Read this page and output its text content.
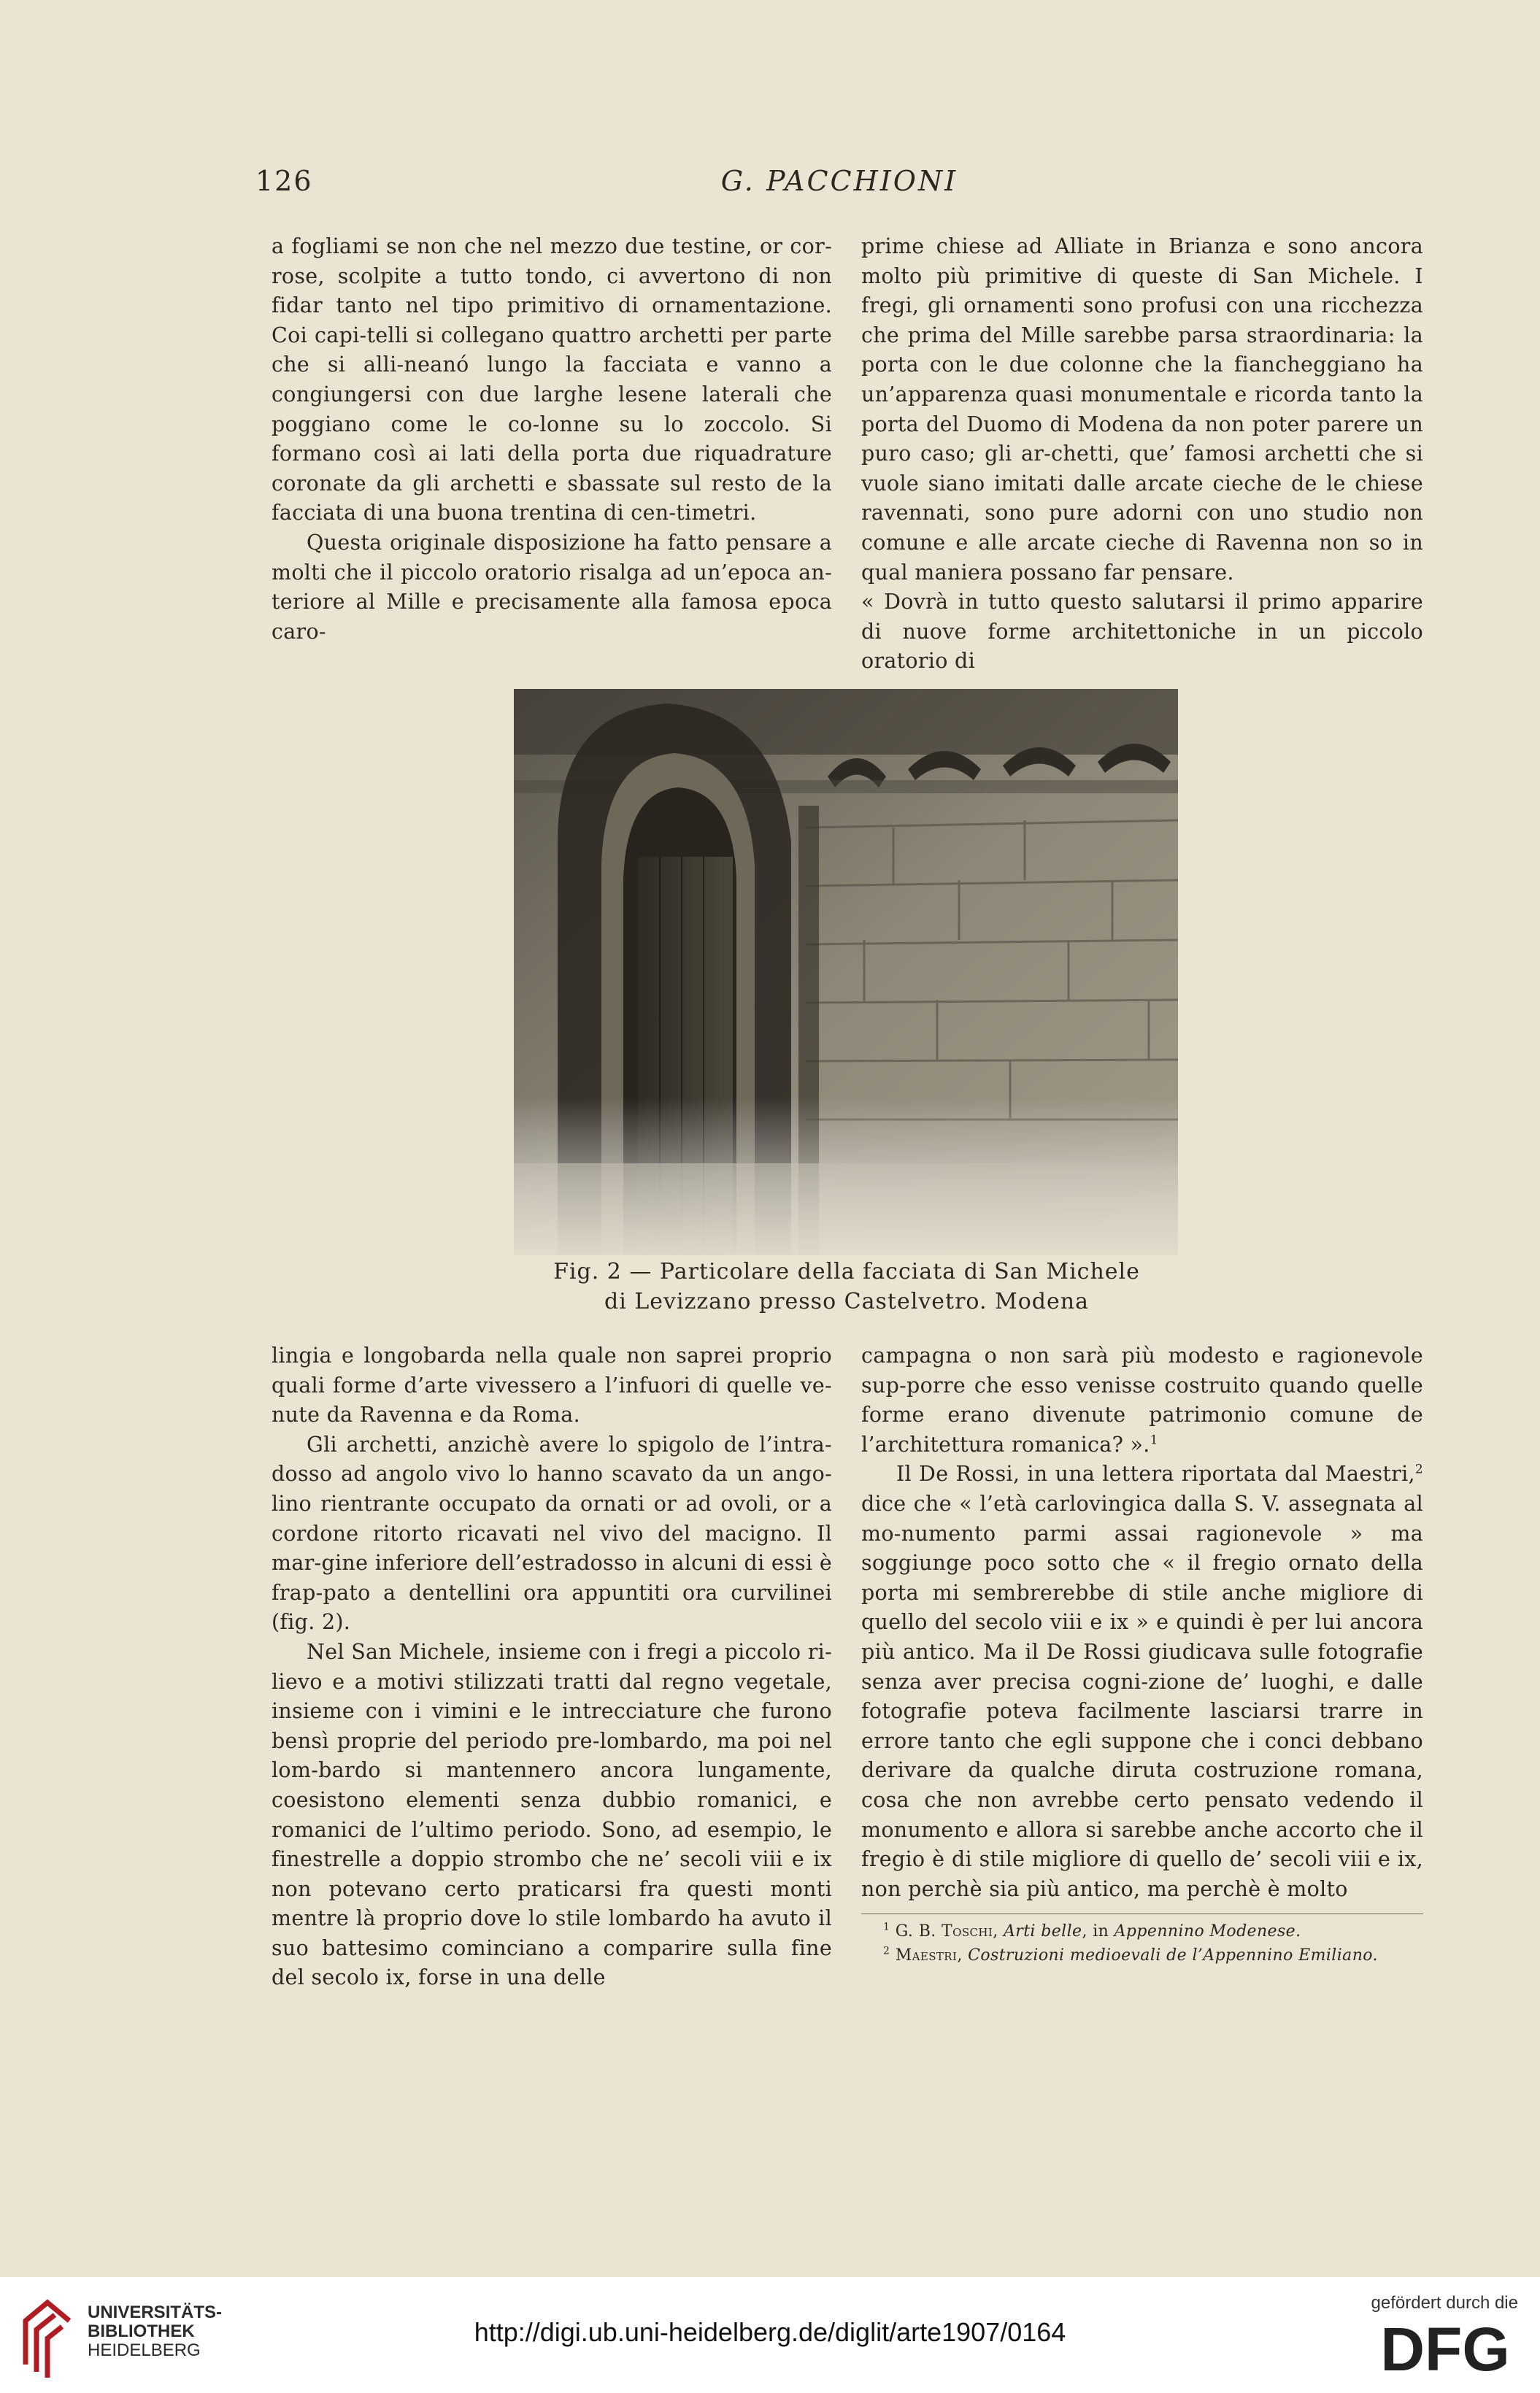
126	G. PACCHIONI

a fogliami se non che nel mezzo due testine, or cor-rose, scolpite a tutto tondo, ci avvertono di non fidar tanto nel tipo primitivo di ornamentazione. Coi capi-telli si collegano quattro archetti per parte che si alli-neanó lungo la facciata e vanno a congiungersi con due larghe lesene laterali che poggiano come le co-lonne su lo zoccolo. Si formano così ai lati della porta due riquadrature coronate da gli archetti e sbassate sul resto de la facciata di una buona trentina di cen-timetri.

Questa originale disposizione ha fatto pensare a molti che il piccolo oratorio risalga ad un’epoca an-teriore al Mille e precisamente alla famosa epoca caro-

prime chiese ad Alliate in Brianza e sono ancora molto più primitive di queste di San Michele. I fregi, gli ornamenti sono profusi con una ricchezza che prima del Mille sarebbe parsa straordinaria: la porta con le due colonne che la fiancheggiano ha un’apparenza quasi monumentale e ricorda tanto la porta del Duomo di Modena da non poter parere un puro caso; gli ar-chetti, que’ famosi archetti che si vuole siano imitati dalle arcate cieche de le chiese ravennati, sono pure adorni con uno studio non comune e alle arcate cieche di Ravenna non so in qual maniera possano far pensare.

« Dovrà in tutto questo salutarsi il primo apparire di nuove forme architettoniche in un piccolo oratorio di

Fig. 2 — Particolare della facciata di San Michele
di Levizzano presso Castelvetro. Modena

lingia e longobarda nella quale non saprei proprio quali forme d’arte vivessero a l’infuori di quelle ve-nute da Ravenna e da Roma.

Gli archetti, anzichè avere lo spigolo de l’intra-dosso ad angolo vivo lo hanno scavato da un ango-lino rientrante occupato da ornati or ad ovoli, or a cordone ritorto ricavati nel vivo del macigno. Il mar-gine inferiore dell’estradosso in alcuni di essi è frap-pato a dentellini ora appuntiti ora curvilinei (fig. 2).

Nel San Michele, insieme con i fregi a piccolo ri-lievo e a motivi stilizzati tratti dal regno vegetale, insieme con i vimini e le intrecciature che furono bensì proprie del periodo pre-lombardo, ma poi nel lom-bardo si mantennero ancora lungamente, coesistono elementi senza dubbio romanici, e romanici de l’ultimo periodo. Sono, ad esempio, le finestrelle a doppio strombo che ne’ secoli viii e ix non potevano certo praticarsi fra questi monti mentre là proprio dove lo stile lombardo ha avuto il suo battesimo cominciano a comparire sulla fine del secolo ix, forse in una delle

campagna o non sarà più modesto e ragionevole sup-porre che esso venisse costruito quando quelle forme erano divenute patrimonio comune de l’architettura romanica? ».$^1$

Il De Rossi, in una lettera riportata dal Maestri,$^2$ dice che « l’età carlovingica dalla S. V. assegnata al mo-numento parmi assai ragionevole » ma soggiunge poco sotto che « il fregio ornato della porta mi sembrerebbe di stile anche migliore di quello del secolo viii e ix » e quindi è per lui ancora più antico. Ma il De Rossi giudicava sulle fotografie senza aver precisa cogni-zione de’ luoghi, e dalle fotografie poteva facilmente lasciarsi trarre in errore tanto che egli suppone che i conci debbano derivare da qualche diruta costruzione romana, cosa che non avrebbe certo pensato vedendo il monumento e allora si sarebbe anche accorto che il fregio è di stile migliore di quello de’ secoli viii e ix, non perchè sia più antico, ma perchè è molto

$^1$ G. B. Toschi, Arti belle, in Appennino Modenese.

$^2$ Maestri, Costruzioni medioevali de l’Appennino Emiliano.

UNIVERSITÄTS-
BIBLIOTHEK
HEIDELBERG
http://digi.ub.uni-heidelberg.de/diglit/arte1907/0164
gefördert durch die
DFG
